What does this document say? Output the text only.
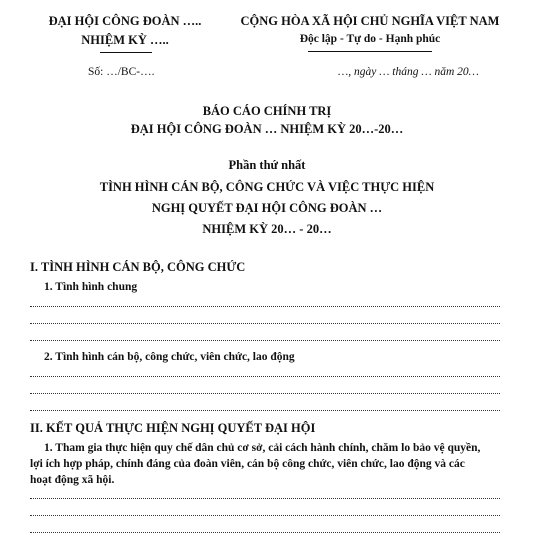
ĐẠI HỘI CÔNG ĐOÀN …..
NHIỆM KỲ …..
CỘNG HÒA XÃ HỘI CHỦ NGHĨA VIỆT NAM
Độc lập - Tự do - Hạnh phúc
Số: …/BC-….	…, ngày … tháng … năm 20…
BÁO CÁO CHÍNH TRỊ
ĐẠI HỘI CÔNG ĐOÀN … NHIỆM KỲ 20…-20…
Phần thứ nhất
TÌNH HÌNH CÁN BỘ, CÔNG CHỨC VÀ VIỆC THỰC HIỆN
NGHỊ QUYẾT ĐẠI HỘI CÔNG ĐOÀN …
NHIỆM KỲ 20… - 20…
I. TÌNH HÌNH CÁN BỘ, CÔNG CHỨC
1. Tình hình chung
2. Tình hình cán bộ, công chức, viên chức, lao động
II. KẾT QUẢ THỰC HIỆN NGHỊ QUYẾT ĐẠI HỘI
1. Tham gia thực hiện quy chế dân chủ cơ sở, cải cách hành chính, chăm lo bảo vệ quyền,
lợi ích hợp pháp, chính đáng của đoàn viên, cán bộ công chức, viên chức, lao động và các
hoạt động xã hội.
